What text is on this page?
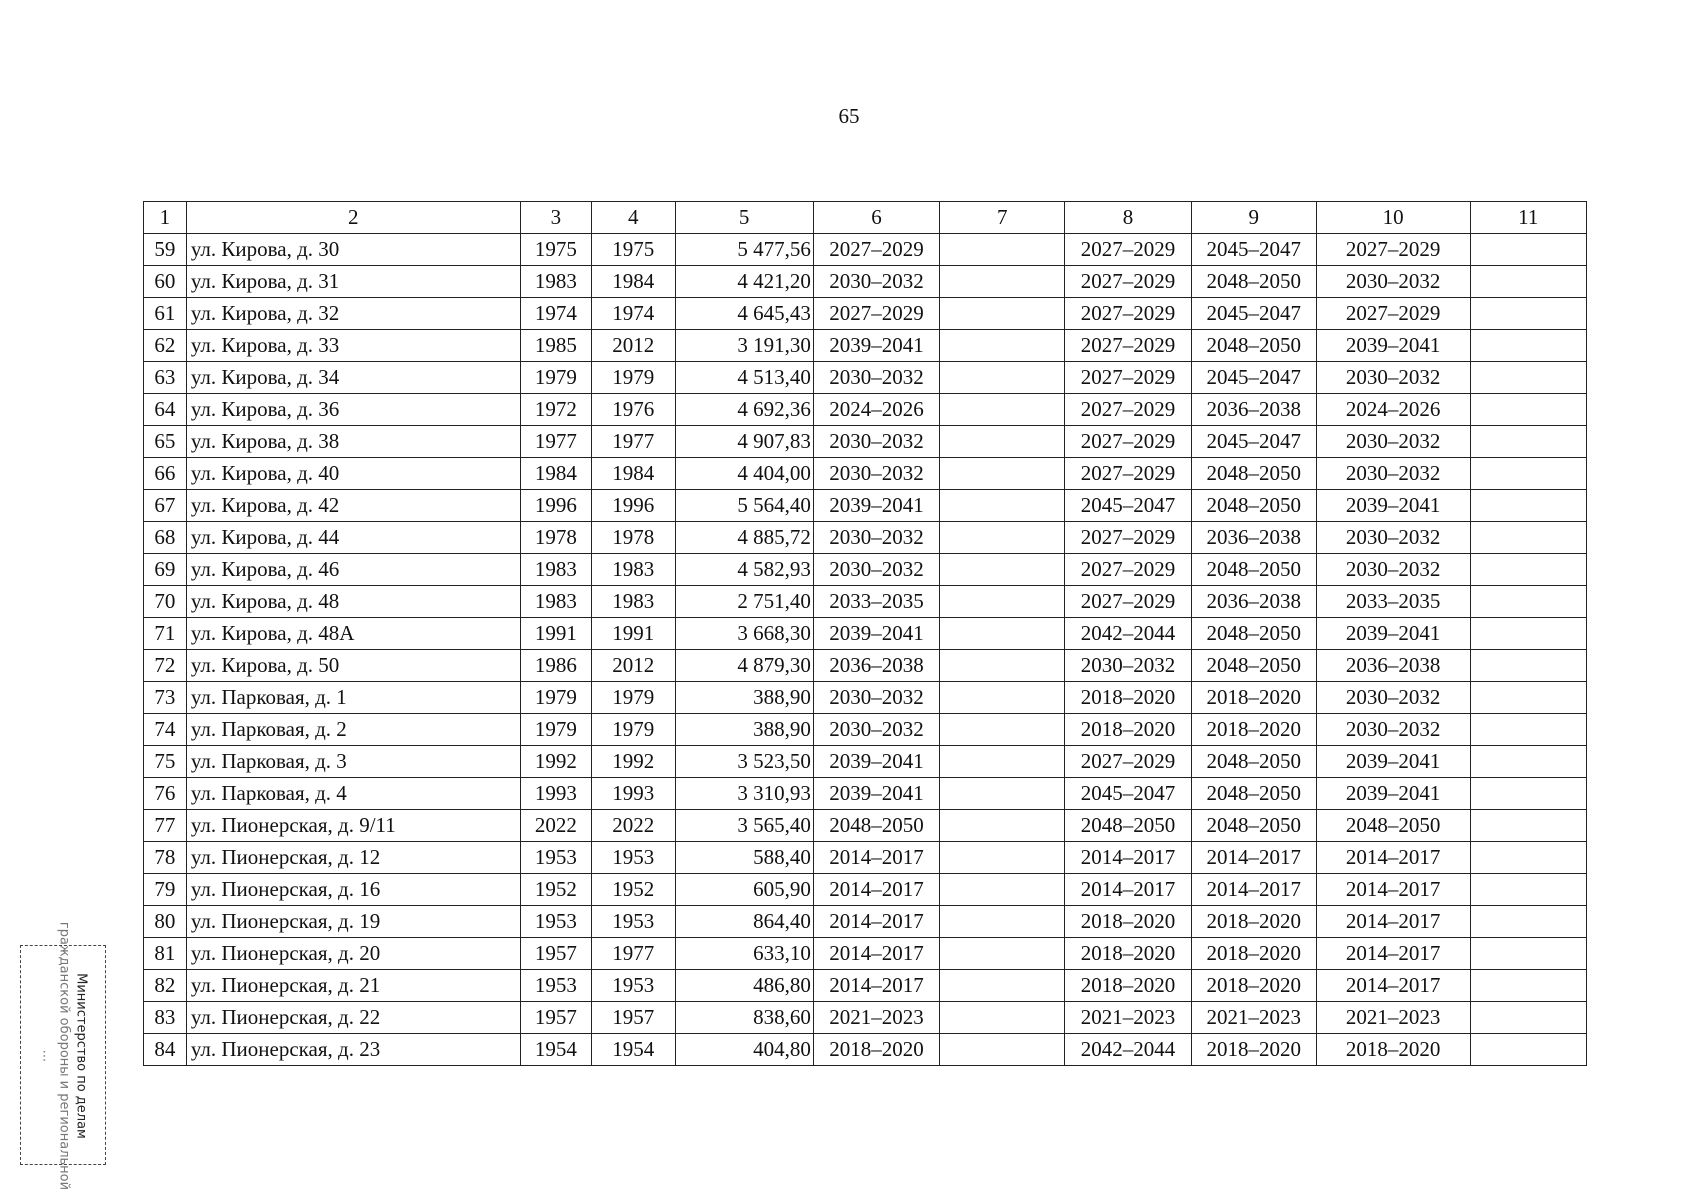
65
1	2	3	4	5	6	7	8	9	10	11
59	ул. Кирова, д. 30	1975	1975	5 477,56	2027–2029		2027–2029	2045–2047	2027–2029	
60	ул. Кирова, д. 31	1983	1984	4 421,20	2030–2032		2027–2029	2048–2050	2030–2032	
61	ул. Кирова, д. 32	1974	1974	4 645,43	2027–2029		2027–2029	2045–2047	2027–2029	
62	ул. Кирова, д. 33	1985	2012	3 191,30	2039–2041		2027–2029	2048–2050	2039–2041	
63	ул. Кирова, д. 34	1979	1979	4 513,40	2030–2032		2027–2029	2045–2047	2030–2032	
64	ул. Кирова, д. 36	1972	1976	4 692,36	2024–2026		2027–2029	2036–2038	2024–2026	
65	ул. Кирова, д. 38	1977	1977	4 907,83	2030–2032		2027–2029	2045–2047	2030–2032	
66	ул. Кирова, д. 40	1984	1984	4 404,00	2030–2032		2027–2029	2048–2050	2030–2032	
67	ул. Кирова, д. 42	1996	1996	5 564,40	2039–2041		2045–2047	2048–2050	2039–2041	
68	ул. Кирова, д. 44	1978	1978	4 885,72	2030–2032		2027–2029	2036–2038	2030–2032	
69	ул. Кирова, д. 46	1983	1983	4 582,93	2030–2032		2027–2029	2048–2050	2030–2032	
70	ул. Кирова, д. 48	1983	1983	2 751,40	2033–2035		2027–2029	2036–2038	2033–2035	
71	ул. Кирова, д. 48А	1991	1991	3 668,30	2039–2041		2042–2044	2048–2050	2039–2041	
72	ул. Кирова, д. 50	1986	2012	4 879,30	2036–2038		2030–2032	2048–2050	2036–2038	
73	ул. Парковая, д. 1	1979	1979	388,90	2030–2032		2018–2020	2018–2020	2030–2032	
74	ул. Парковая, д. 2	1979	1979	388,90	2030–2032		2018–2020	2018–2020	2030–2032	
75	ул. Парковая, д. 3	1992	1992	3 523,50	2039–2041		2027–2029	2048–2050	2039–2041	
76	ул. Парковая, д. 4	1993	1993	3 310,93	2039–2041		2045–2047	2048–2050	2039–2041	
77	ул. Пионерская, д. 9/11	2022	2022	3 565,40	2048–2050		2048–2050	2048–2050	2048–2050	
78	ул. Пионерская, д. 12	1953	1953	588,40	2014–2017		2014–2017	2014–2017	2014–2017	
79	ул. Пионерская, д. 16	1952	1952	605,90	2014–2017		2014–2017	2014–2017	2014–2017	
80	ул. Пионерская, д. 19	1953	1953	864,40	2014–2017		2018–2020	2018–2020	2014–2017	
81	ул. Пионерская, д. 20	1957	1977	633,10	2014–2017		2018–2020	2018–2020	2014–2017	
82	ул. Пионерская, д. 21	1953	1953	486,80	2014–2017		2018–2020	2018–2020	2014–2017	
83	ул. Пионерская, д. 22	1957	1957	838,60	2021–2023		2021–2023	2021–2023	2021–2023	
84	ул. Пионерская, д. 23	1954	1954	404,80	2018–2020		2042–2044	2018–2020	2018–2020	
Министерство по делам
гражданской обороны и региональной
...
